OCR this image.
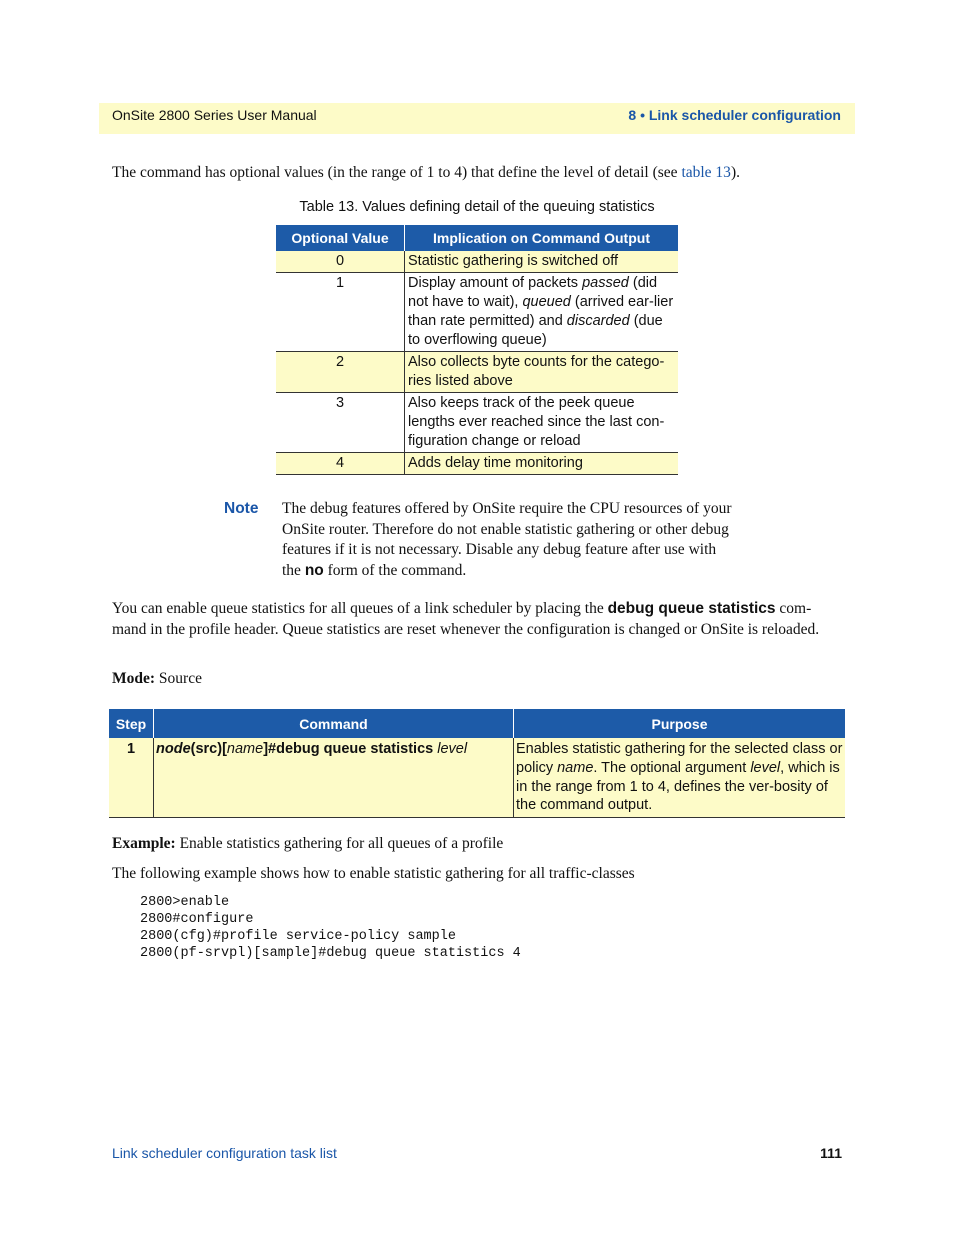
OnSite 2800 Series User Manual	8 • Link scheduler configuration
The command has optional values (in the range of 1 to 4) that define the level of detail (see table 13).
Table 13. Values defining detail of the queuing statistics
Optional Value	Implication on Command Output
0	Statistic gathering is switched off
1	Display amount of packets passed (did not have to wait), queued (arrived ear-lier than rate permitted) and discarded (due to overflowing queue)
2	Also collects byte counts for the catego-ries listed above
3	Also keeps track of the peek queue lengths ever reached since the last con-figuration change or reload
4	Adds delay time monitoring
Note The debug features offered by OnSite require the CPU resources of your OnSite router. Therefore do not enable statistic gathering or other debug features if it is not necessary. Disable any debug feature after use with the no form of the command.
You can enable queue statistics for all queues of a link scheduler by placing the debug queue statistics com-mand in the profile header. Queue statistics are reset whenever the configuration is changed or OnSite is reloaded.
Mode: Source
Step	Command	Purpose
1	node(src)[name]#debug queue statistics level	Enables statistic gathering for the selected class or policy name. The optional argument level, which is in the range from 1 to 4, defines the ver-bosity of the command output.
Example: Enable statistics gathering for all queues of a profile
The following example shows how to enable statistic gathering for all traffic-classes
2800>enable
2800#configure
2800(cfg)#profile service-policy sample
2800(pf-srvpl)[sample]#debug queue statistics 4
Link scheduler configuration task list	111
